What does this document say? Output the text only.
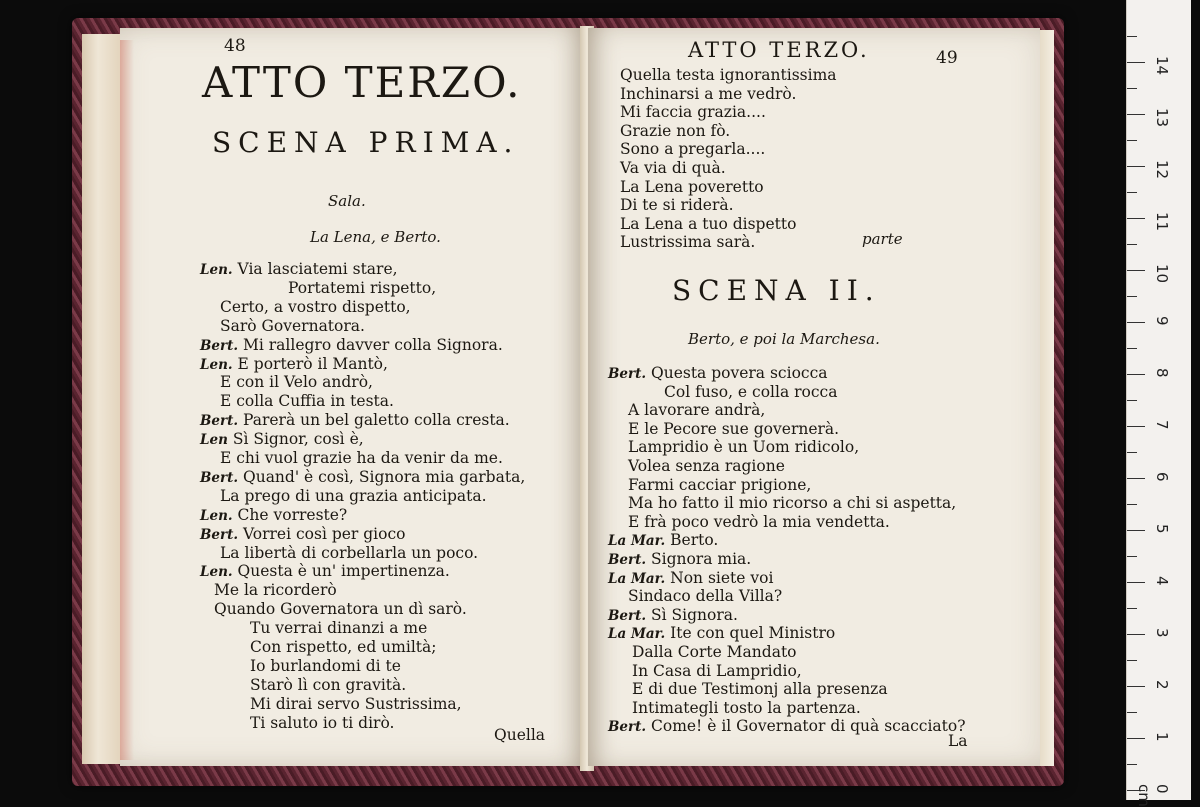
48
ATTO TERZO.
SCENA PRIMA.
Sala.
La Lena, e Berto.
Len. Via lasciatemi stare,
Portatemi rispetto,
Certo, a vostro dispetto,
Sarò Governatora.
Bert. Mi rallegro davver colla Signora.
Len. E porterò il Mantò,
E con il Velo andrò,
E colla Cuffia in testa.
Bert. Parerà un bel galetto colla cresta.
Len Sì Signor, così è,
E chi vuol grazie ha da venir da me.
Bert. Quand' è così, Signora mia garbata,
La prego di una grazia anticipata.
Len. Che vorreste?
Bert. Vorrei così per gioco
La libertà di corbellarla un poco.
Len. Questa è un' impertinenza.
Me la ricorderò
Quando Governatora un dì sarò.
Tu verrai dinanzi a me
Con rispetto, ed umiltà;
Io burlandomi di te
Starò lì con gravità.
Mi dirai servo Sustrissima,
Ti saluto io ti dirò.
Quella
ATTO TERZO.	49
Quella testa ignorantissima
Inchinarsi a me vedrò.
Mi faccia grazia....
Grazie non fò.
Sono a pregarla....
Va via di quà.
La Lena poveretto
Di te si riderà.
La Lena a tuo dispetto
Lustrissima sarà.	parte
SCENA II.
Berto, e poi la Marchesa.
Bert. Questa povera sciocca
Col fuso, e colla rocca
A lavorare andrà,
E le Pecore sue governerà.
Lampridio è un Uom ridicolo,
Volea senza ragione
Farmi cacciar prigione,
Ma ho fatto il mio ricorso a chi si aspetta,
E frà poco vedrò la mia vendetta.
La Mar. Berto.
Bert. Signora mia.
La Mar. Non siete voi
Sindaco della Villa?
Bert. Sì Signora.
La Mar. Ite con quel Ministro
Dalla Corte Mandato
In Casa di Lampridio,
E di due Testimonj alla presenza
Intimategli tosto la partenza.
Bert. Come! è il Governator di quà scacciato?
La
0 cm
1
2
3
4
5
6
7
8
9
10
11
12
13
14
